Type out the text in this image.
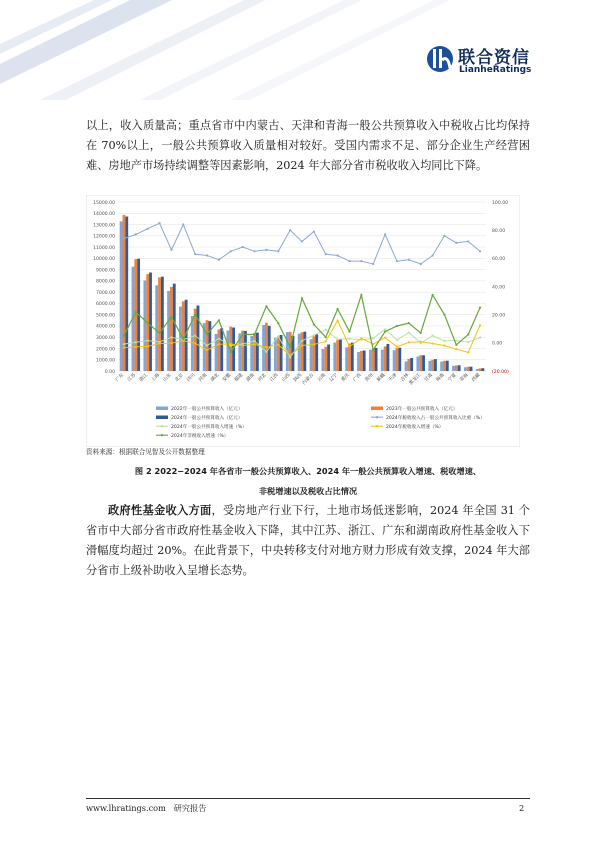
联合资信
LianheRatings

以上，收入质量高；重点省市中内蒙古、天津和青海一般公共预算收入中税收占比均保持在 70%以上，一般公共预算收入质量相对较好。受国内需求不足、部分企业生产经营困难、房地产市场持续调整等因素影响，2024 年大部分省市税收收入均同比下降。

0.00
1000.00
2000.00
3000.00
4000.00
5000.00
6000.00
7000.00
8000.00
9000.00
10000.00
11000.00
12000.00
13000.00
14000.00
15000.00
(20.00)
0.00
20.00
40.00
60.00
80.00
100.00
广东 江苏 浙江 上海 山东 北京 四川 河南 湖北 安徽 福建 湖南 河北 江西 山西 陕西
内蒙古 云南 辽宁 重庆 广西 贵州 新疆 天津 吉林
黑龙江 甘肃 海南 宁夏 青海 西藏
2022年一般公共预算收入（亿元）	2023年一般公共预算收入（亿元）
2024年一般公共预算收入（亿元）	2024年税收收入占一般公共预算收入比重（%）
2024年一般公共预算收入增速（%）	2024年税收收入增速（%）
2024年非税收入增速（%）
资料来源：根据联合见智及公开数据整理

图 2 2022−2024 年各省市一般公共预算收入、2024 年一般公共预算收入增速、税收增速、

非税增速以及税收占比情况

政府性基金收入方面，受房地产行业下行，土地市场低迷影响，2024 年全国 31 个省市中大部分省市政府性基金收入下降，其中江苏、浙江、广东和湖南政府性基金收入下滑幅度均超过 20%。在此背景下，中央转移支付对地方财力形成有效支撑，2024 年大部分省市上级补助收入呈增长态势。

www.lhratings.com 研究报告	2
